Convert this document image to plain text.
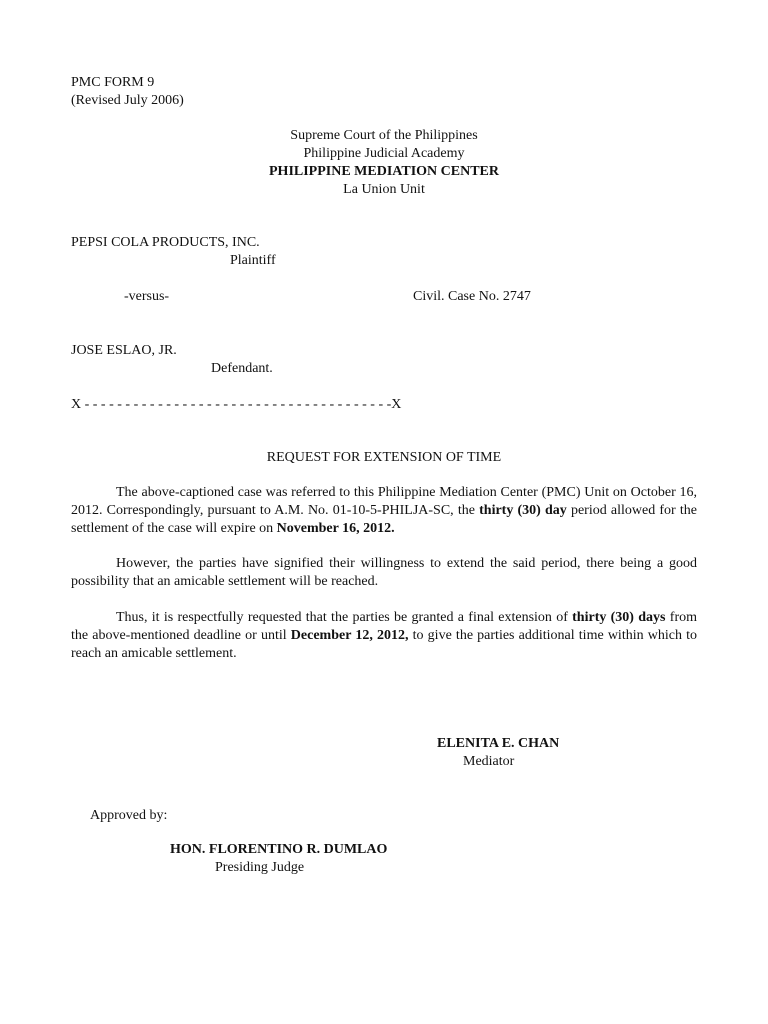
PMC FORM 9
(Revised July 2006)
Supreme Court of the Philippines
Philippine Judicial Academy
PHILIPPINE MEDIATION CENTER
La Union Unit
PEPSI COLA PRODUCTS, INC.
Plaintiff
-versus-	Civil. Case No. 2747
JOSE ESLAO, JR.
Defendant.
X - - - - - - - - - - - - - - - - - - - - - - - - - - - - - - - - - - - - - -X
REQUEST FOR EXTENSION OF TIME
The above-captioned case was referred to this Philippine Mediation Center (PMC) Unit on October 16, 2012. Correspondingly, pursuant to A.M. No. 01-10-5-PHILJA-SC, the thirty (30) day period allowed for the settlement of the case will expire on November 16, 2012.
However, the parties have signified their willingness to extend the said period, there being a good possibility that an amicable settlement will be reached.
Thus, it is respectfully requested that the parties be granted a final extension of thirty (30) days from the above-mentioned deadline or until December 12, 2012, to give the parties additional time within which to reach an amicable settlement.
ELENITA E. CHAN
Mediator
Approved by:
HON. FLORENTINO R. DUMLAO
Presiding Judge
